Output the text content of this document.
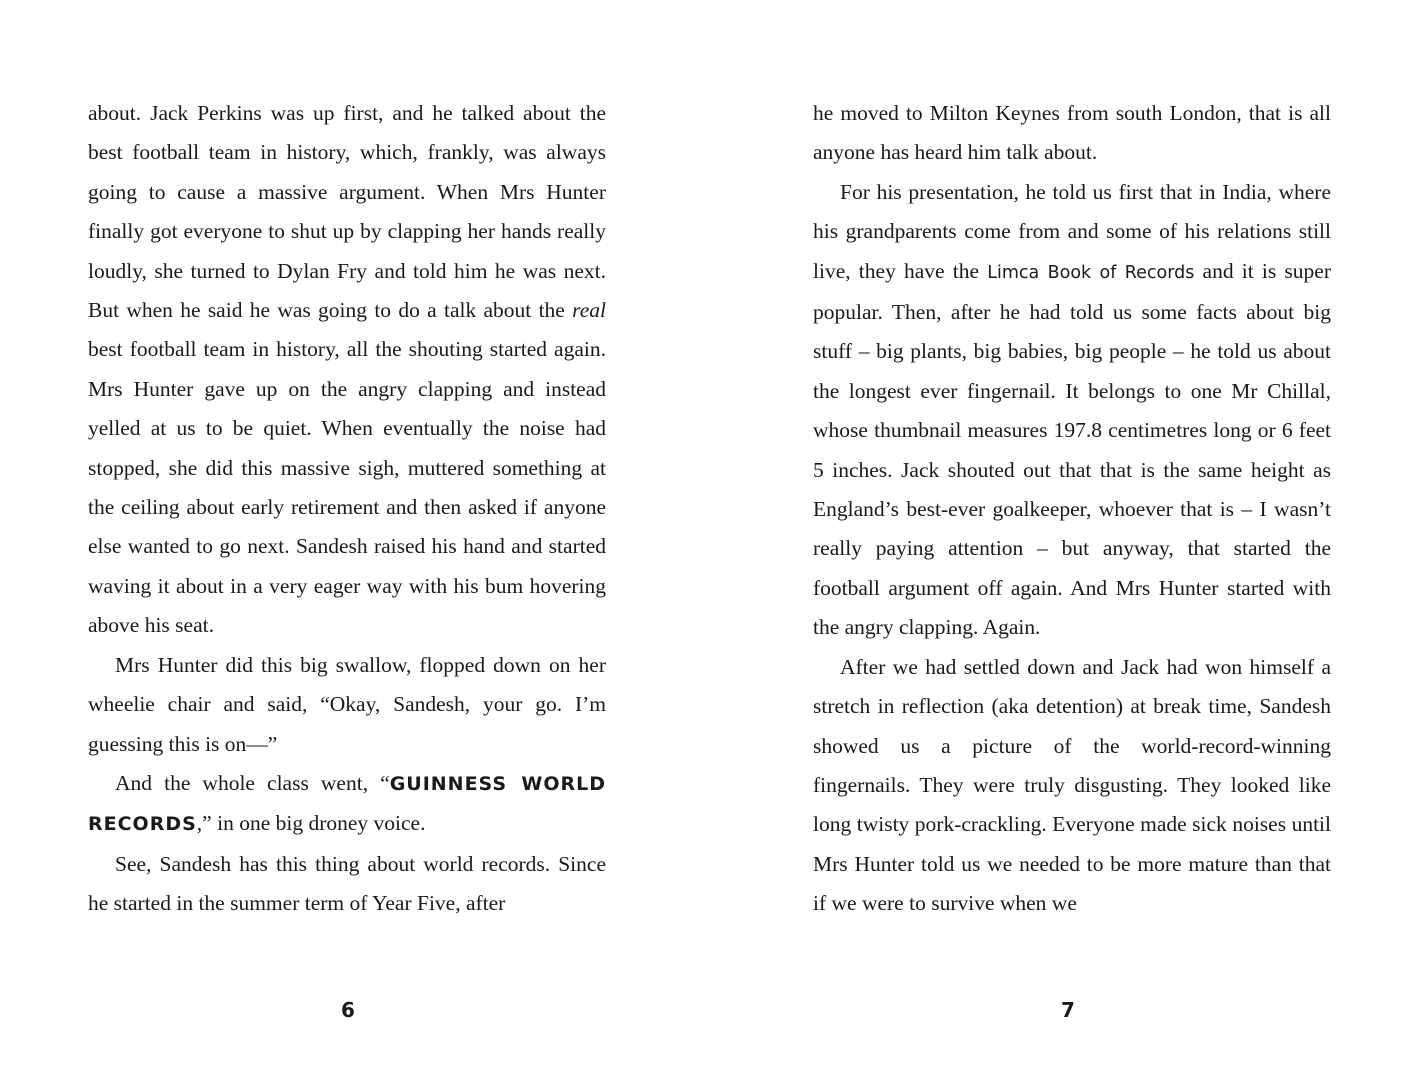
about. Jack Perkins was up first, and he talked about the best football team in history, which, frankly, was always going to cause a massive argument. When Mrs Hunter finally got everyone to shut up by clapping her hands really loudly, she turned to Dylan Fry and told him he was next. But when he said he was going to do a talk about the real best football team in history, all the shouting started again. Mrs Hunter gave up on the angry clapping and instead yelled at us to be quiet. When eventually the noise had stopped, she did this massive sigh, muttered something at the ceiling about early retirement and then asked if anyone else wanted to go next. Sandesh raised his hand and started waving it about in a very eager way with his bum hovering above his seat.

Mrs Hunter did this big swallow, flopped down on her wheelie chair and said, “Okay, Sandesh, your go. I’m guessing this is on—”

And the whole class went, “GUINNESS WORLD RECORDS,” in one big droney voice.

See, Sandesh has this thing about world records. Since he started in the summer term of Year Five, after

6

he moved to Milton Keynes from south London, that is all anyone has heard him talk about.

For his presentation, he told us first that in India, where his grandparents come from and some of his relations still live, they have the Limca Book of Records and it is super popular. Then, after he had told us some facts about big stuff – big plants, big babies, big people – he told us about the longest ever fingernail. It belongs to one Mr Chillal, whose thumbnail measures 197.8 centimetres long or 6 feet 5 inches. Jack shouted out that that is the same height as England’s best-ever goalkeeper, whoever that is – I wasn’t really paying attention – but anyway, that started the football argument off again. And Mrs Hunter started with the angry clapping. Again.

After we had settled down and Jack had won himself a stretch in reflection (aka detention) at break time, Sandesh showed us a picture of the world-record-winning fingernails. They were truly disgusting. They looked like long twisty pork-crackling. Everyone made sick noises until Mrs Hunter told us we needed to be more mature than that if we were to survive when we

7
